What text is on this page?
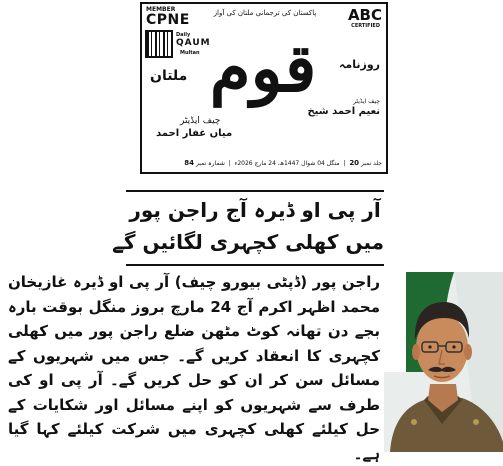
MEMBER
CPNE	ABC
CERTIFIED
پاکستان کی ترجمانی ملتان کی آواز
Daily
QAUM
Multan
روزنامہ
قوم
ملتان
چیف ایڈیٹر
نعیم احمد شیخ
چیف ایڈیٹر
میاں غفار احمد
جلد نمبر 20  |  منگل 04 شوال 1447ھ، 24 مارچ 2026ء  |  شمارہ نمبر 84
آر پی او ڈیرہ آج راجن پور
میں کھلی کچہری لگائیں گے
راجن پور (ڈپٹی بیورو چیف) آر پی او ڈیرہ غازیخان محمد اظہر اکرم آج 24 مارچ بروز منگل بوقت بارہ بجے دن تھانہ کوٹ مٹھن ضلع راجن پور میں کھلی کچہری کا انعقاد کریں گے۔ جس میں شہریوں کے مسائل سن کر ان کو حل کریں گے۔ آر پی او کی طرف سے شہریوں کو اپنے مسائل اور شکایات کے حل کیلئے کھلی کچہری میں شرکت کیلئے کہا گیا ہے۔
